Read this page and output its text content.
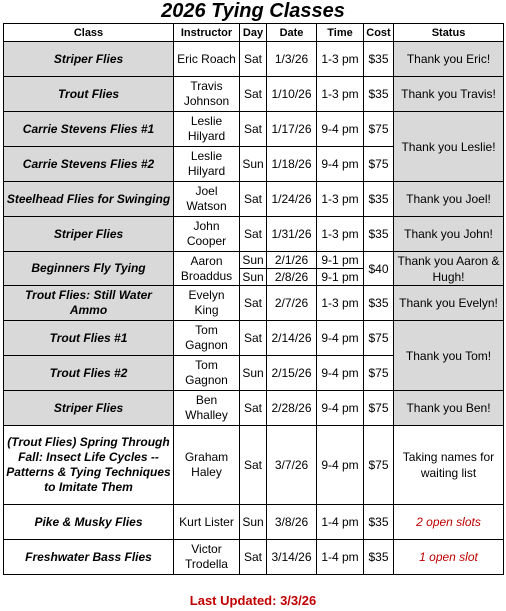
2026 Tying Classes
Class	Instructor	Day	Date	Time	Cost	Status
Striper Flies	Eric Roach	Sat	1/3/26	1-3 pm	$35	Thank you Eric!
Trout Flies	Travis Johnson	Sat	1/10/26	1-3 pm	$35	Thank you Travis!
Carrie Stevens Flies #1	Leslie Hilyard	Sat	1/17/26	9-4 pm	$75	Thank you Leslie!
Carrie Stevens Flies #2	Leslie Hilyard	Sun	1/18/26	9-4 pm	$75	
Steelhead Flies for Swinging	Joel Watson	Sat	1/24/26	1-3 pm	$35	Thank you Joel!
Striper Flies	John Cooper	Sat	1/31/26	1-3 pm	$35	Thank you John!
Beginners Fly Tying	Aaron Broaddus	Sun	2/1/26	9-1 pm	$40	Thank you Aaron & Hugh!
		Sun	2/8/26	9-1 pm		
Trout Flies: Still Water Ammo	Evelyn King	Sat	2/7/26	1-3 pm	$35	Thank you Evelyn!
Trout Flies #1	Tom Gagnon	Sat	2/14/26	9-4 pm	$75	Thank you Tom!
Trout Flies #2	Tom Gagnon	Sun	2/15/26	9-4 pm	$75	
Striper Flies	Ben Whalley	Sat	2/28/26	9-4 pm	$75	Thank you Ben!
(Trout Flies) Spring Through Fall: Insect Life Cycles -- Patterns & Tying Techniques to Imitate Them	Graham Haley	Sat	3/7/26	9-4 pm	$75	Taking names for waiting list
Pike & Musky Flies	Kurt Lister	Sun	3/8/26	1-4 pm	$35	2 open slots
Freshwater Bass Flies	Victor Trodella	Sat	3/14/26	1-4 pm	$35	1 open slot
Last Updated: 3/3/26
